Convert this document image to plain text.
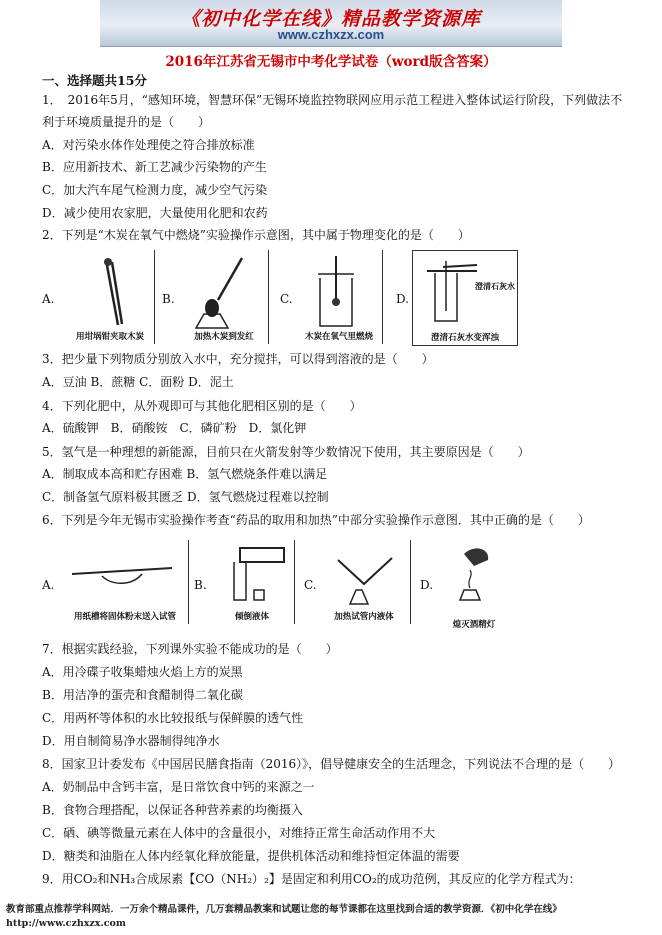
《初中化学在线》精品教学资源库
www.czhxzx.com
2016年江苏省无锡市中考化学试卷（word版含答案）
一、选择题共15分
1．　2016年5月，“感知环境，智慧环保”无锡环境监控物联网应用示范工程进入整体试运行阶段，下列做法不
利于环境质量提升的是（　　）
A．对污染水体作处理使之符合排放标准
B．应用新技术、新工艺减少污染物的产生
C．加大汽车尾气检测力度，减少空气污染
D．减少使用农家肥，大量使用化肥和农药
2．下列是“木炭在氧气中燃烧”实验操作示意图，其中属于物理变化的是（　　）
A.
用坩埚钳夹取木炭
B.
加热木炭到发红
C.
木炭在氧气里燃烧
D.
澄清石灰水
澄清石灰水变浑浊
3．把少量下列物质分别放入水中，充分搅拌，可以得到溶液的是（　　）
A．豆油 B．蔗糖 C．面粉 D．泥土
4．下列化肥中，从外观即可与其他化肥相区别的是（　　）
A．硫酸钾　B．硝酸铵　C．磷矿粉　D．氯化钾
5．氢气是一种理想的新能源，目前只在火箭发射等少数情况下使用，其主要原因是（　　）
A．制取成本高和贮存困难 B．氢气燃烧条件难以满足
C．制备氢气原料极其匮乏 D．氢气燃烧过程难以控制
6．下列是今年无锡市实验操作考查“药品的取用和加热”中部分实验操作示意图．其中正确的是（　　）
A.
用纸槽将固体粉末送入试管
B.
倾倒液体
C.
加热试管内液体
D.
熄灭酒精灯
7．根据实践经验，下列课外实验不能成功的是（　　）
A．用冷碟子收集蜡烛火焰上方的炭黑
B．用洁净的蛋壳和食醋制得二氧化碳
C．用两杯等体积的水比较报纸与保鲜膜的透气性
D．用自制简易净水器制得纯净水
8．国家卫计委发布《中国居民膳食指南（2016）》，倡导健康安全的生活理念，下列说法不合理的是（　　）
A．奶制品中含钙丰富，是日常饮食中钙的来源之一
B．食物合理搭配，以保证各种营养素的均衡摄入
C．硒、碘等微量元素在人体中的含量很小，对维持正常生命活动作用不大
D．糖类和油脂在人体内经氧化释放能量，提供机体活动和维持恒定体温的需要
9．用CO₂和NH₃合成尿素【CO（NH₂）₂】是固定和利用CO₂的成功范例，其反应的化学方程式为：
教育部重点推荐学科网站．一万余个精品课件，几万套精品教案和试题让您的每节课都在这里找到合适的教学资源．《初中化学在线》http://www.czhxzx.com
